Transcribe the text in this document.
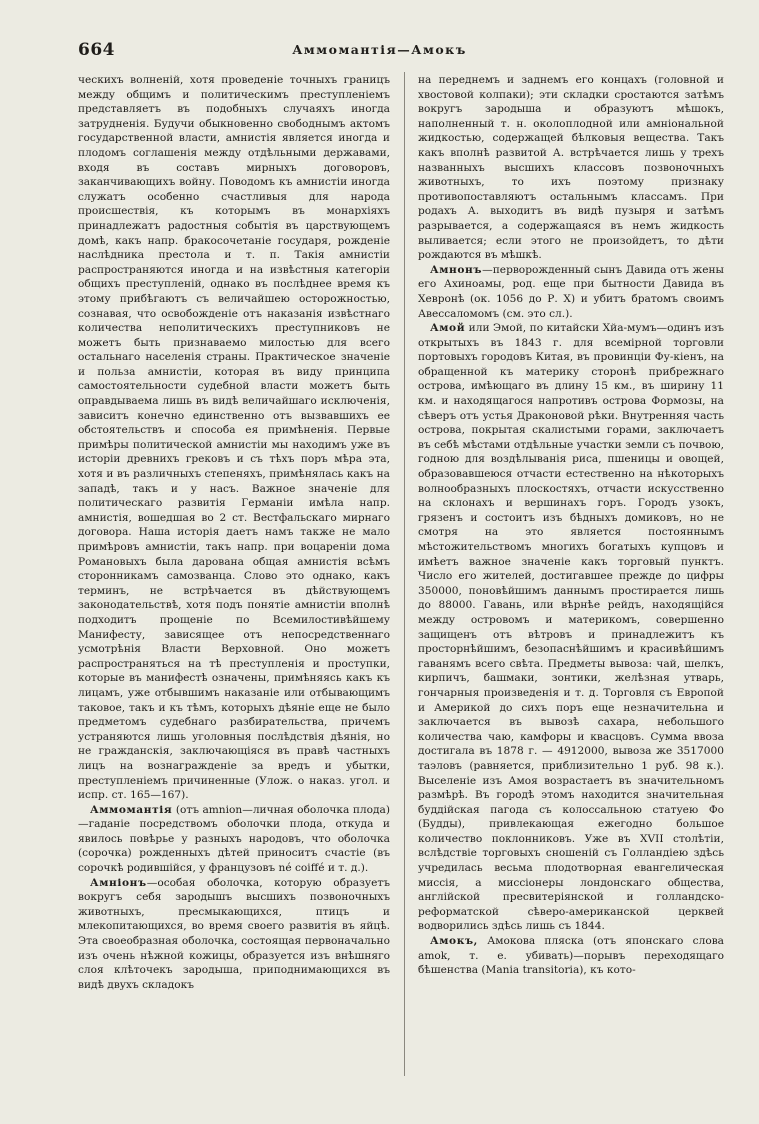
664	Аммомантія—Амокъ

ческихъ волненій, хотя проведеніе точныхъ границъ между общимъ и политическимъ преступленіемъ представляетъ въ подобныхъ случаяхъ иногда затрудненія. Будучи обыкновенно свободнымъ актомъ государственной власти, амнистія является иногда и плодомъ соглашенія между отдѣльными державами, входя въ составъ мирныхъ договоровъ, заканчивающихъ войну. Поводомъ къ амнистіи иногда служатъ особенно счастливыя для народа происшествія, къ которымъ въ монархіяхъ принадлежатъ радостныя событія въ царствующемъ домѣ, какъ напр. бракосочетаніе государя, рожденіе наслѣдника престола и т. п. Такія амнистіи распространяются иногда и на извѣстныя категоріи общихъ преступленій, однако въ послѣднее время къ этому прибѣгаютъ съ величайшею осторожностью, сознавая, что освобожденіе отъ наказанія извѣстнаго количества неполитическихъ преступниковъ не можетъ быть признаваемо милостью для всего остальнаго населенія страны. Практическое значеніе и польза амнистіи, которая въ виду принципа самостоятельности судебной власти можетъ быть оправдываема лишь въ видѣ величайшаго исключенія, зависитъ конечно единственно отъ вызвавшихъ ее обстоятельствъ и способа ея примѣненія. Первые примѣры политической амнистіи мы находимъ уже въ исторіи древнихъ грековъ и съ тѣхъ поръ мѣра эта, хотя и въ различныхъ степеняхъ, примѣнялась какъ на западѣ, такъ и у насъ. Важное значеніе для политическаго развитія Германіи имѣла напр. амнистія, вошедшая во 2 ст. Вестфальскаго мирнаго договора. Наша исторія даетъ намъ также не мало примѣровъ амнистіи, такъ напр. при воцареніи дома Романовыхъ была дарована общая амнистія всѣмъ сторонникамъ самозванца. Слово это однако, какъ терминъ, не встрѣчается въ дѣйствующемъ законодательствѣ, хотя подъ понятіе амнистіи вполнѣ подходитъ прощеніе по Всемилостивѣйшему Манифесту, зависящее отъ непосредственнаго усмотрѣнія Власти Верховной. Оно можетъ распространяться на тѣ преступленія и проступки, которые въ манифестѣ означены, примѣняясь какъ къ лицамъ, уже отбывшимъ наказаніе или отбывающимъ таковое, такъ и къ тѣмъ, которыхъ дѣяніе еще не было предметомъ судебнаго разбирательства, причемъ устраняются лишь уголовныя послѣдствія дѣянія, но не гражданскія, заключающіяся въ правѣ частныхъ лицъ на вознагражденіе за вредъ и убытки, преступленіемъ причиненные (Улож. о наказ. угол. и испр. ст. 165—167).

Аммомантія (отъ amnion—личная оболочка плода)—гаданіе посредствомъ оболочки плода, откуда и явилось повѣрье у разныхъ народовъ, что оболочка (сорочка) рожденныхъ дѣтей приноситъ счастіе (въ сорочкѣ родившійся, у французовъ né coiffé и т. д.).

Амніонъ—особая оболочка, которую образуетъ вокругъ себя зародышъ высшихъ позвоночныхъ животныхъ, пресмыкающихся, птицъ и млекопитающихся, во время своего развитія въ яйцѣ. Эта своеобразная оболочка, состоящая первоначально изъ очень нѣжной кожицы, образуется изъ внѣшняго слоя клѣточекъ зародыша, приподнимающихся въ видѣ двухъ складокъ

на переднемъ и заднемъ его концахъ (головной и хвостовой колпаки); эти складки сростаются затѣмъ вокругъ зародыша и образуютъ мѣшокъ, наполненный т. н. околоплодной или амніональной жидкостью, содержащей бѣлковыя вещества. Такъ какъ вполнѣ развитой А. встрѣчается лишь у трехъ названныхъ высшихъ классовъ позвоночныхъ животныхъ, то ихъ поэтому признаку противопоставляютъ остальнымъ классамъ. При родахъ А. выходитъ въ видѣ пузыря и затѣмъ разрывается, а содержащаяся въ немъ жидкость выливается; если этого не произойдетъ, то дѣти рождаются въ мѣшкѣ.

Амнонъ—перворожденный сынъ Давида отъ жены его Ахиноамы, род. еще при бытности Давида въ Хевронѣ (ок. 1056 до Р. Х) и убитъ братомъ своимъ Авессаломомъ (см. это сл.).

Амой или Эмой, по китайски Хйа-мумъ—одинъ изъ открытыхъ въ 1843 г. для всемірной торговли портовыхъ городовъ Китая, въ провинціи Фу-кіенъ, на обращенной къ материку сторонѣ прибрежнаго острова, имѣющаго въ длину 15 км., въ ширину 11 км. и находящагося напротивъ острова Формозы, на сѣверъ отъ устья Драконовой рѣки. Внутренняя часть острова, покрытая скалистыми горами, заключаетъ въ себѣ мѣстами отдѣльные участки земли съ почвою, годною для воздѣлыванія риса, пшеницы и овощей, образовавшеюся отчасти естественно на нѣкоторыхъ волнообразныхъ плоскостяхъ, отчасти искусственно на склонахъ и вершинахъ горъ. Городъ узокъ, грязенъ и состоитъ изъ бѣдныхъ домиковъ, но не смотря на это является постояннымъ мѣстожительствомъ многихъ богатыхъ купцовъ и имѣетъ важное значеніе какъ торговый пунктъ. Число его жителей, достигавшее прежде до цифры 350000, поновѣйшимъ даннымъ простирается лишь до 88000. Гавань, или вѣрнѣе рейдъ, находящійся между островомъ и материкомъ, совершенно защищенъ отъ вѣтровъ и принадлежитъ къ просторнѣйшимъ, безопаснѣйшимъ и красивѣйшимъ гаванямъ всего свѣта. Предметы вывоза: чай, шелкъ, кирпичъ, башмаки, зонтики, желѣзная утварь, гончарныя произведенія и т. д. Торговля съ Европой и Америкой до сихъ поръ еще незначительна и заключается въ вывозѣ сахара, небольшого количества чаю, камфоры и квасцовъ. Сумма ввоза достигала въ 1878 г. — 4912000, вывоза же 3517000 таэловъ (равняется, приблизительно 1 руб. 98 к.). Выселеніе изъ Амоя возрастаетъ въ значительномъ размѣрѣ. Въ городѣ этомъ находится значительная буддійская пагода съ колоссальною статуею Фо (Будды), привлекающая ежегодно большое количество поклонниковъ. Уже въ XVII столѣтіи, вслѣдствіе торговыхъ сношеній съ Голландіею здѣсь учредилась весьма плодотворная евангелическая миссія, а миссіонеры лондонскаго общества, англійской пресвитеріянской и голландско-реформатской сѣверо-американской церквей водворились здѣсь лишь съ 1844.

Амокъ, Амокова пляска (отъ японскаго слова amok, т. е. убивать)—порывъ переходящаго бѣшенства (Mania transitoria), къ кото-
